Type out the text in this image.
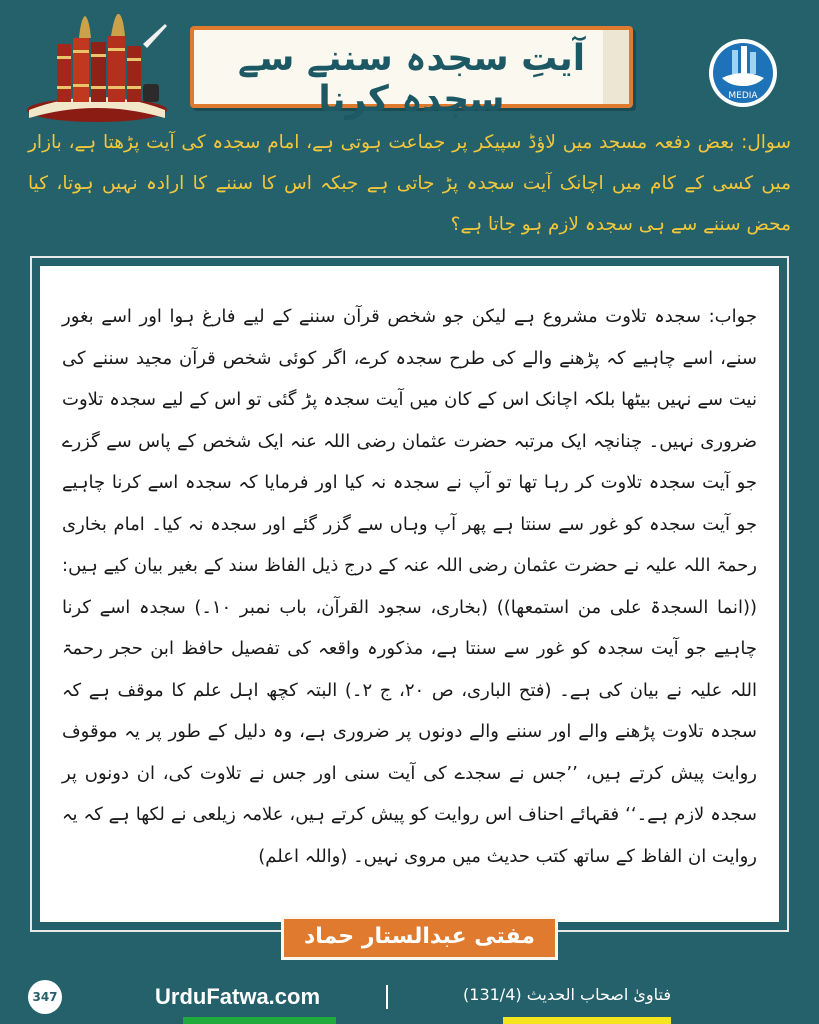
آیتِ سجدہ سننے سے سجدہ کرنا	MEDIA
سوال: بعض دفعہ مسجد میں لاؤڈ سپیکر پر جماعت ہوتی ہے، امام سجدہ کی آیت پڑھتا ہے، بازار میں کسی کے کام میں اچانک آیت سجدہ پڑ جاتی ہے جبکہ اس کا سننے کا ارادہ نہیں ہوتا، کیا محض سننے سے ہی سجدہ لازم ہو جاتا ہے؟
جواب: سجدہ تلاوت مشروع ہے لیکن جو شخص قرآن سننے کے لیے فارغ ہوا اور اسے بغور سنے، اسے چاہیے کہ پڑھنے والے کی طرح سجدہ کرے، اگر کوئی شخص قرآن مجید سننے کی نیت سے نہیں بیٹھا بلکہ اچانک اس کے کان میں آیت سجدہ پڑ گئی تو اس کے لیے سجدہ تلاوت ضروری نہیں۔ چنانچہ ایک مرتبہ حضرت عثمان رضی اللہ عنہ ایک شخص کے پاس سے گزرے جو آیت سجدہ تلاوت کر رہا تھا تو آپ نے سجدہ نہ کیا اور فرمایا کہ سجدہ اسے کرنا چاہیے جو آیت سجدہ کو غور سے سنتا ہے پھر آپ وہاں سے گزر گئے اور سجدہ نہ کیا۔ امام بخاری رحمۃ اللہ علیہ نے حضرت عثمان رضی اللہ عنہ کے درج ذیل الفاظ سند کے بغیر بیان کیے ہیں: ((انما السجدۃ علی من استمعھا)) (بخاری، سجود القرآن، باب نمبر ۱۰۔) سجدہ اسے کرنا چاہیے جو آیت سجدہ کو غور سے سنتا ہے، مذکورہ واقعہ کی تفصیل حافظ ابن حجر رحمۃ اللہ علیہ نے بیان کی ہے۔ (فتح الباری، ص ۲۰، ج ۲۔) البتہ کچھ اہل علم کا موقف ہے کہ سجدہ تلاوت پڑھنے والے اور سننے والے دونوں پر ضروری ہے، وہ دلیل کے طور پر یہ موقوف روایت پیش کرتے ہیں، ’’جس نے سجدے کی آیت سنی اور جس نے تلاوت کی، ان دونوں پر سجدہ لازم ہے۔‘‘ فقہائے احناف اس روایت کو پیش کرتے ہیں، علامہ زیلعی نے لکھا ہے کہ یہ روایت ان الفاظ کے ساتھ کتب حدیث میں مروی نہیں۔ (واللہ اعلم)
مفتی عبدالستار حماد
347	UrduFatwa.com	فتاویٰ اصحاب الحدیث (131/4)
